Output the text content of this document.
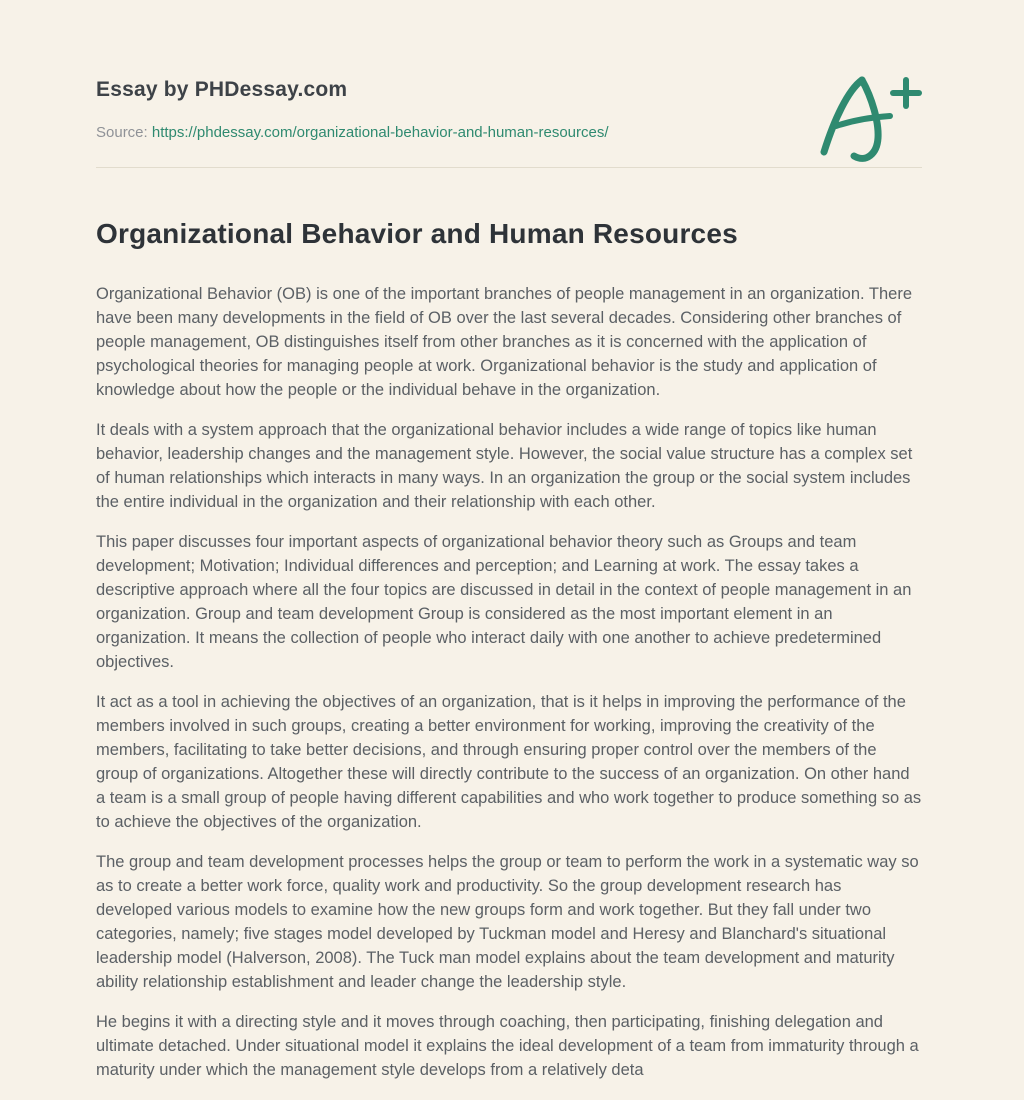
Essay by PHDessay.com
Source: https://phdessay.com/organizational-behavior-and-human-resources/
Organizational Behavior and Human Resources

Organizational Behavior (OB) is one of the important branches of people management in an organization. There have been many developments in the field of OB over the last several decades. Considering other branches of people management, OB distinguishes itself from other branches as it is concerned with the application of psychological theories for managing people at work. Organizational behavior is the study and application of knowledge about how the people or the individual behave in the organization.

It deals with a system approach that the organizational behavior includes a wide range of topics like human behavior, leadership changes and the management style. However, the social value structure has a complex set of human relationships which interacts in many ways. In an organization the group or the social system includes the entire individual in the organization and their relationship with each other.

This paper discusses four important aspects of organizational behavior theory such as Groups and team development; Motivation; Individual differences and perception; and Learning at work. The essay takes a descriptive approach where all the four topics are discussed in detail in the context of people management in an organization. Group and team development Group is considered as the most important element in an organization. It means the collection of people who interact daily with one another to achieve predetermined objectives.

It act as a tool in achieving the objectives of an organization, that is it helps in improving the performance of the members involved in such groups, creating a better environment for working, improving the creativity of the members, facilitating to take better decisions, and through ensuring proper control over the members of the group of organizations. Altogether these will directly contribute to the success of an organization. On other hand a team is a small group of people having different capabilities and who work together to produce something so as to achieve the objectives of the organization.

The group and team development processes helps the group or team to perform the work in a systematic way so as to create a better work force, quality work and productivity. So the group development research has developed various models to examine how the new groups form and work together. But they fall under two categories, namely; five stages model developed by Tuckman model and Heresy and Blanchard's situational leadership model (Halverson, 2008). The Tuck man model explains about the team development and maturity ability relationship establishment and leader change the leadership style.

He begins it with a directing style and it moves through coaching, then participating, finishing delegation and ultimate detached. Under situational model it explains the ideal development of a team from immaturity through a maturity under which the management style develops from a relatively deta
